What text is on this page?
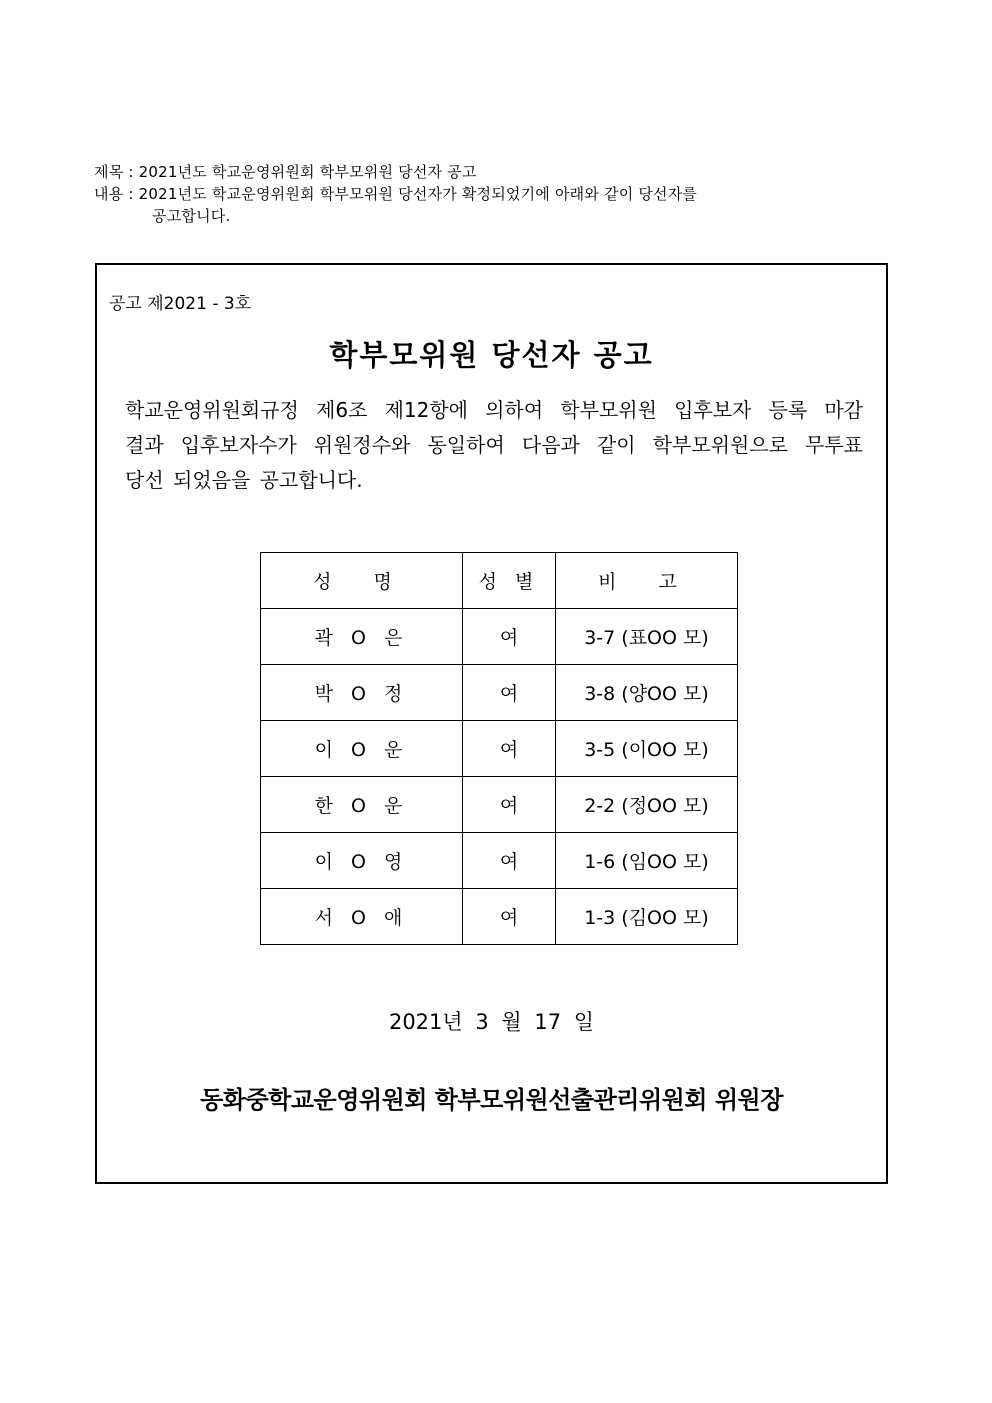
제목 : 2021년도 학교운영위원회 학부모위원 당선자 공고
내용 : 2021년도 학교운영위원회 학부모위원 당선자가 확정되었기에 아래와 같이 당선자를
공고합니다.
공고 제2021 - 3호
학부모위원 당선자 공고
학교운영위원회규정 제6조 제12항에 의하여 학부모위원 입후보자 등록 마감
결과 입후보자수가 위원정수와 동일하여 다음과 같이 학부모위원으로 무투표
당선 되었음을 공고합니다.
성 명	성 별	비 고
곽 O 은	여	3-7 (표OO 모)
박 O 정	여	3-8 (양OO 모)
이 O 운	여	3-5 (이OO 모)
한 O 운	여	2-2 (정OO 모)
이 O 영	여	1-6 (임OO 모)
서 O 애	여	1-3 (김OO 모)
2021년 3 월 17 일
동화중학교운영위원회 학부모위원선출관리위원회 위원장
